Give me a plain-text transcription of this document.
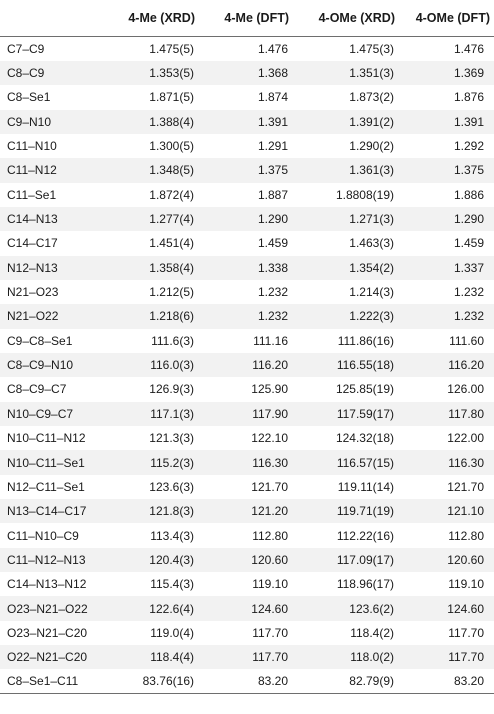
	4-Me (XRD)	4-Me (DFT)	4-OMe (XRD)	4-OMe (DFT)
C7–C9	1.475(5)	1.476	1.475(3)	1.476
C8–C9	1.353(5)	1.368	1.351(3)	1.369
C8–Se1	1.871(5)	1.874	1.873(2)	1.876
C9–N10	1.388(4)	1.391	1.391(2)	1.391
C11–N10	1.300(5)	1.291	1.290(2)	1.292
C11–N12	1.348(5)	1.375	1.361(3)	1.375
C11–Se1	1.872(4)	1.887	1.8808(19)	1.886
C14–N13	1.277(4)	1.290	1.271(3)	1.290
C14–C17	1.451(4)	1.459	1.463(3)	1.459
N12–N13	1.358(4)	1.338	1.354(2)	1.337
N21–O23	1.212(5)	1.232	1.214(3)	1.232
N21–O22	1.218(6)	1.232	1.222(3)	1.232
C9–C8–Se1	111.6(3)	111.16	111.86(16)	111.60
C8–C9–N10	116.0(3)	116.20	116.55(18)	116.20
C8–C9–C7	126.9(3)	125.90	125.85(19)	126.00
N10–C9–C7	117.1(3)	117.90	117.59(17)	117.80
N10–C11–N12	121.3(3)	122.10	124.32(18)	122.00
N10–C11–Se1	115.2(3)	116.30	116.57(15)	116.30
N12–C11–Se1	123.6(3)	121.70	119.11(14)	121.70
N13–C14–C17	121.8(3)	121.20	119.71(19)	121.10
C11–N10–C9	113.4(3)	112.80	112.22(16)	112.80
C11–N12–N13	120.4(3)	120.60	117.09(17)	120.60
C14–N13–N12	115.4(3)	119.10	118.96(17)	119.10
O23–N21–O22	122.6(4)	124.60	123.6(2)	124.60
O23–N21–C20	119.0(4)	117.70	118.4(2)	117.70
O22–N21–C20	118.4(4)	117.70	118.0(2)	117.70
C8–Se1–C11	83.76(16)	83.20	82.79(9)	83.20
